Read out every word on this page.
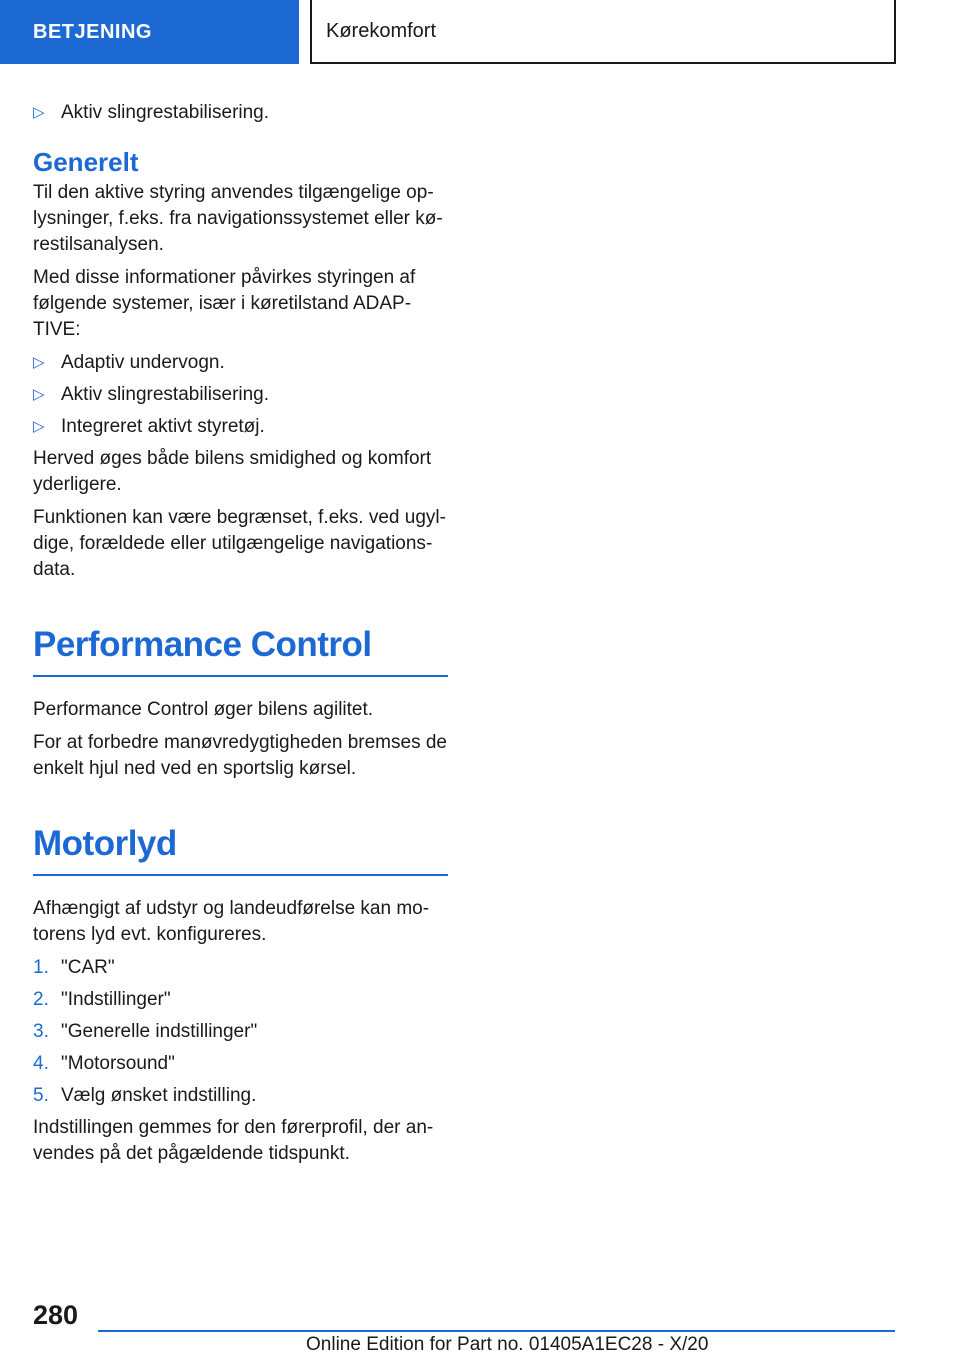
BETJENING	Kørekomfort
▷ Aktiv slingrestabilisering.
Generelt

Til den aktive styring anvendes tilgængelige oplysninger, f.eks. fra navigationssystemet eller kørestilsanalysen.

Med disse informationer påvirkes styringen af følgende systemer, især i køretilstand ADAPTIVE:

▷ Adaptiv undervogn.
▷ Aktiv slingrestabilisering.
▷ Integreret aktivt styretøj.

Herved øges både bilens smidighed og komfort yderligere.

Funktionen kan være begrænset, f.eks. ved ugyldige, forældede eller utilgængelige navigationsdata.

Performance Control

Performance Control øger bilens agilitet.

For at forbedre manøvredygtigheden bremses de enkelt hjul ned ved en sportslig kørsel.

Motorlyd

Afhængigt af udstyr og landeudførelse kan motorens lyd evt. konfigureres.

1. "CAR"
2. "Indstillinger"
3. "Generelle indstillinger"
4. "Motorsound"
5. Vælg ønsket indstilling.

Indstillingen gemmes for den førerprofil, der anvendes på det pågældende tidspunkt.

280
Online Edition for Part no. 01405A1EC28 - X/20
